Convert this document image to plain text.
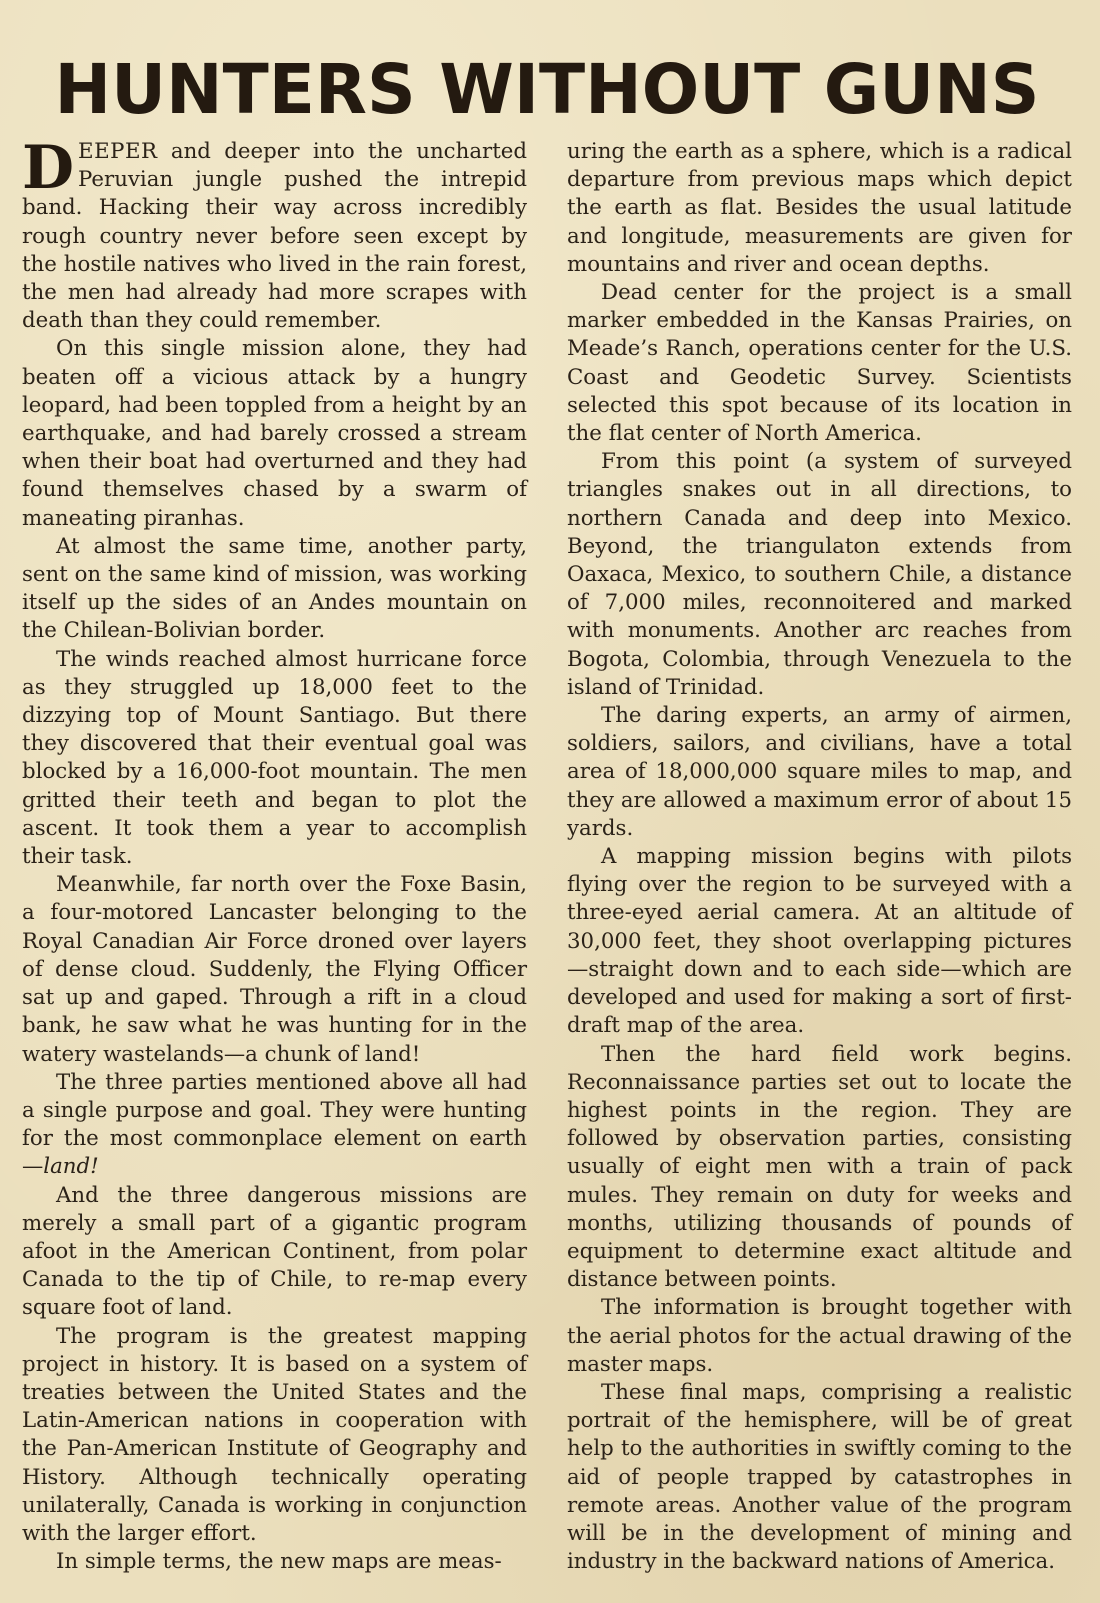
HUNTERS WITHOUT GUNS

DEEPER and deeper into the uncharted Peruvian jungle pushed the intrepid band. Hacking their way across incredibly rough country never before seen except by the hostile natives who lived in the rain forest, the men had already had more scrapes with death than they could remember.

On this single mission alone, they had beaten off a vicious attack by a hungry leopard, had been toppled from a height by an earthquake, and had barely crossed a stream when their boat had overturned and they had found themselves chased by a swarm of maneating piranhas.

At almost the same time, another party, sent on the same kind of mission, was working itself up the sides of an Andes mountain on the Chilean-Bolivian border.

The winds reached almost hurricane force as they struggled up 18,000 feet to the dizzying top of Mount Santiago. But there they discovered that their eventual goal was blocked by a 16,000-foot mountain. The men gritted their teeth and began to plot the ascent. It took them a year to accomplish their task.

Meanwhile, far north over the Foxe Basin, a four-motored Lancaster belonging to the Royal Canadian Air Force droned over layers of dense cloud. Suddenly, the Flying Officer sat up and gaped. Through a rift in a cloud bank, he saw what he was hunting for in the watery wastelands—a chunk of land!

The three parties mentioned above all had a single purpose and goal. They were hunting for the most commonplace element on earth —land!

And the three dangerous missions are merely a small part of a gigantic program afoot in the American Continent, from polar Canada to the tip of Chile, to re-map every square foot of land.

The program is the greatest mapping project in history. It is based on a system of treaties between the United States and the Latin-American nations in cooperation with the Pan-American Institute of Geography and History. Although technically operating unilaterally, Canada is working in conjunction with the larger effort.

In simple terms, the new maps are meas-

uring the earth as a sphere, which is a radical departure from previous maps which depict the earth as flat. Besides the usual latitude and longitude, measurements are given for mountains and river and ocean depths.

Dead center for the project is a small marker embedded in the Kansas Prairies, on Meade’s Ranch, operations center for the U.S. Coast and Geodetic Survey. Scientists selected this spot because of its location in the flat center of North America.

From this point (a system of surveyed triangles snakes out in all directions, to northern Canada and deep into Mexico. Beyond, the triangulaton extends from Oaxaca, Mexico, to southern Chile, a distance of 7,000 miles, reconnoitered and marked with monuments. Another arc reaches from Bogota, Colombia, through Venezuela to the island of Trinidad.

The daring experts, an army of airmen, soldiers, sailors, and civilians, have a total area of 18,000,000 square miles to map, and they are allowed a maximum error of about 15 yards.

A mapping mission begins with pilots flying over the region to be surveyed with a three-eyed aerial camera. At an altitude of 30,000 feet, they shoot overlapping pictures —straight down and to each side—which are developed and used for making a sort of first-draft map of the area.

Then the hard field work begins. Reconnaissance parties set out to locate the highest points in the region. They are followed by observation parties, consisting usually of eight men with a train of pack mules. They remain on duty for weeks and months, utilizing thousands of pounds of equipment to determine exact altitude and distance between points.

The information is brought together with the aerial photos for the actual drawing of the master maps.

These final maps, comprising a realistic portrait of the hemisphere, will be of great help to the authorities in swiftly coming to the aid of people trapped by catastrophes in remote areas. Another value of the program will be in the development of mining and industry in the backward nations of America.
